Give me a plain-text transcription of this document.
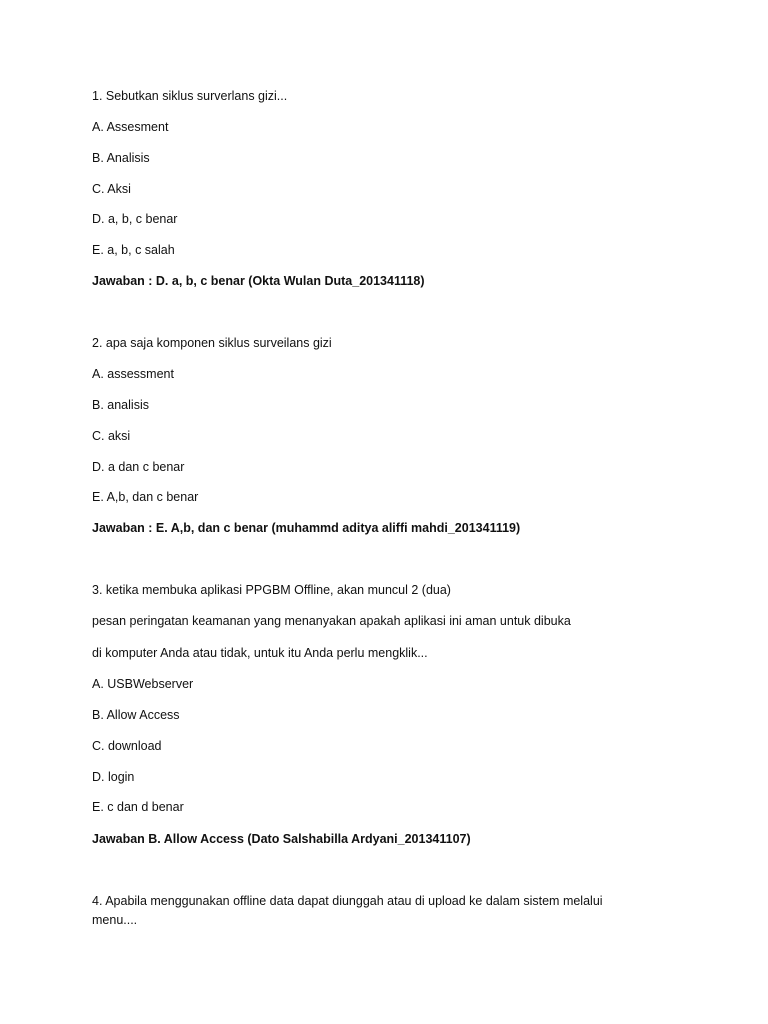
1. Sebutkan siklus surverlans gizi...
A. Assesment
B. Analisis
C. Aksi
D. a, b, c benar
E. a, b, c salah
Jawaban : D. a, b, c benar (Okta Wulan Duta_201341118)
2. apa saja komponen siklus surveilans gizi
A. assessment
B. analisis
C. aksi
D. a dan c benar
E. A,b, dan c benar
Jawaban : E. A,b, dan c benar (muhammd aditya aliffi mahdi_201341119)
3. ketika membuka aplikasi PPGBM Offline, akan muncul 2 (dua)
pesan peringatan keamanan yang menanyakan apakah aplikasi ini aman untuk dibuka
di komputer Anda atau tidak, untuk itu Anda perlu mengklik...
A. USBWebserver
B. Allow Access
C. download
D. login
E. c dan d benar
Jawaban B. Allow Access (Dato Salshabilla Ardyani_201341107)
4. Apabila menggunakan offline data dapat diunggah atau di upload ke dalam sistem melalui
menu....
